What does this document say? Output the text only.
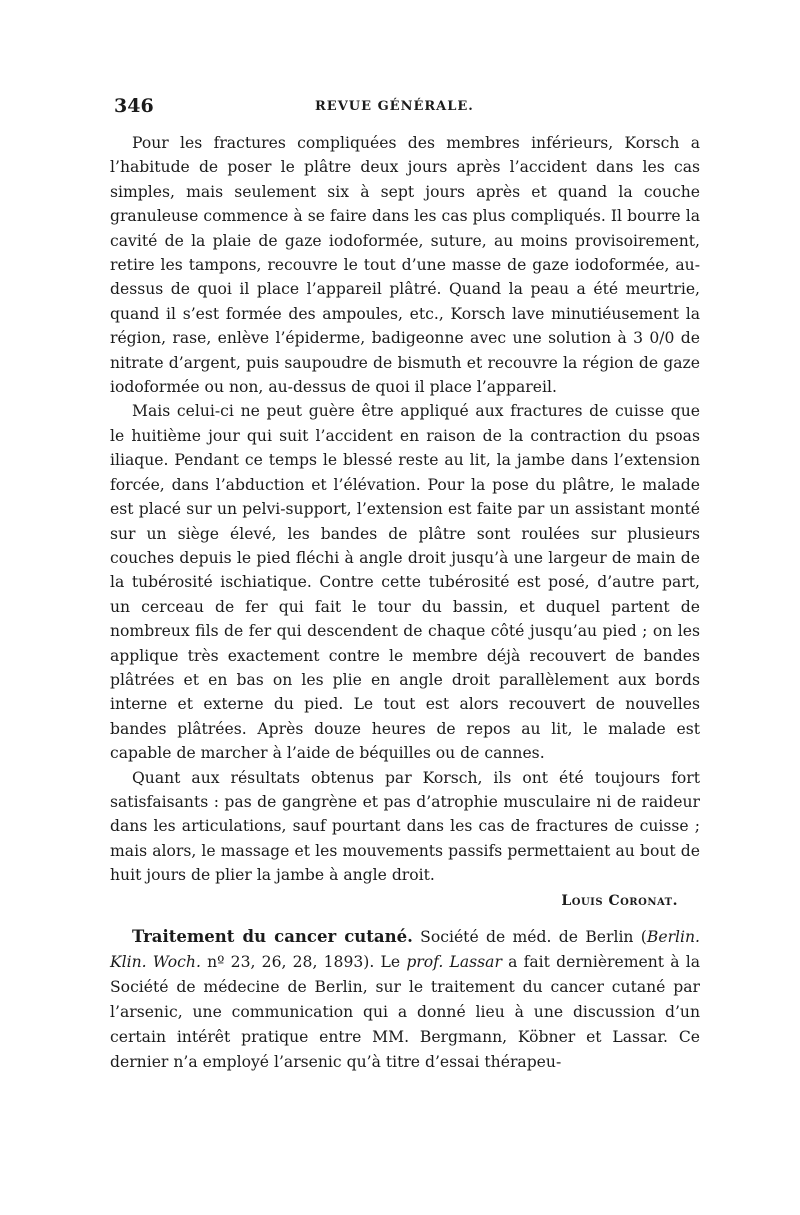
346	REVUE GÉNÉRALE.

Pour les fractures compliquées des membres inférieurs, Korsch a l’habitude de poser le plâtre deux jours après l’accident dans les cas simples, mais seulement six à sept jours après et quand la couche granuleuse commence à se faire dans les cas plus compliqués. Il bourre la cavité de la plaie de gaze iodoformée, suture, au moins provisoirement, retire les tampons, recouvre le tout d’une masse de gaze iodoformée, au-dessus de quoi il place l’appareil plâtré. Quand la peau a été meurtrie, quand il s’est formée des ampoules, etc., Korsch lave minutiéusement la région, rase, enlève l’épiderme, badigeonne avec une solution à 3 0/0 de nitrate d’argent, puis saupoudre de bismuth et recouvre la région de gaze iodoformée ou non, au-dessus de quoi il place l’appareil.

Mais celui-ci ne peut guère être appliqué aux fractures de cuisse que le huitième jour qui suit l’accident en raison de la contraction du psoas iliaque. Pendant ce temps le blessé reste au lit, la jambe dans l’extension forcée, dans l’abduction et l’élévation. Pour la pose du plâtre, le malade est placé sur un pelvi-support, l’extension est faite par un assistant monté sur un siège élevé, les bandes de plâtre sont roulées sur plusieurs couches depuis le pied fléchi à angle droit jusqu’à une largeur de main de la tubérosité ischiatique. Contre cette tubérosité est posé, d’autre part, un cerceau de fer qui fait le tour du bassin, et duquel partent de nombreux fils de fer qui descendent de chaque côté jusqu’au pied ; on les applique très exactement contre le membre déjà recouvert de bandes plâtrées et en bas on les plie en angle droit parallèlement aux bords interne et externe du pied. Le tout est alors recouvert de nouvelles bandes plâtrées. Après douze heures de repos au lit, le malade est capable de marcher à l’aide de béquilles ou de cannes.

Quant aux résultats obtenus par Korsch, ils ont été toujours fort satisfaisants : pas de gangrène et pas d’atrophie musculaire ni de raideur dans les articulations, sauf pourtant dans les cas de fractures de cuisse ; mais alors, le massage et les mouvements passifs permettaient au bout de huit jours de plier la jambe à angle droit.

Louis Coronat.

Traitement du cancer cutané. Société de méd. de Berlin (Berlin. Klin. Woch. nº 23, 26, 28, 1893). Le prof. Lassar a fait dernièrement à la Société de médecine de Berlin, sur le traitement du cancer cutané par l’arsenic, une communication qui a donné lieu à une discussion d’un certain intérêt pratique entre MM. Bergmann, Köbner et Lassar. Ce dernier n’a employé l’arsenic qu’à titre d’essai thérapeu-
